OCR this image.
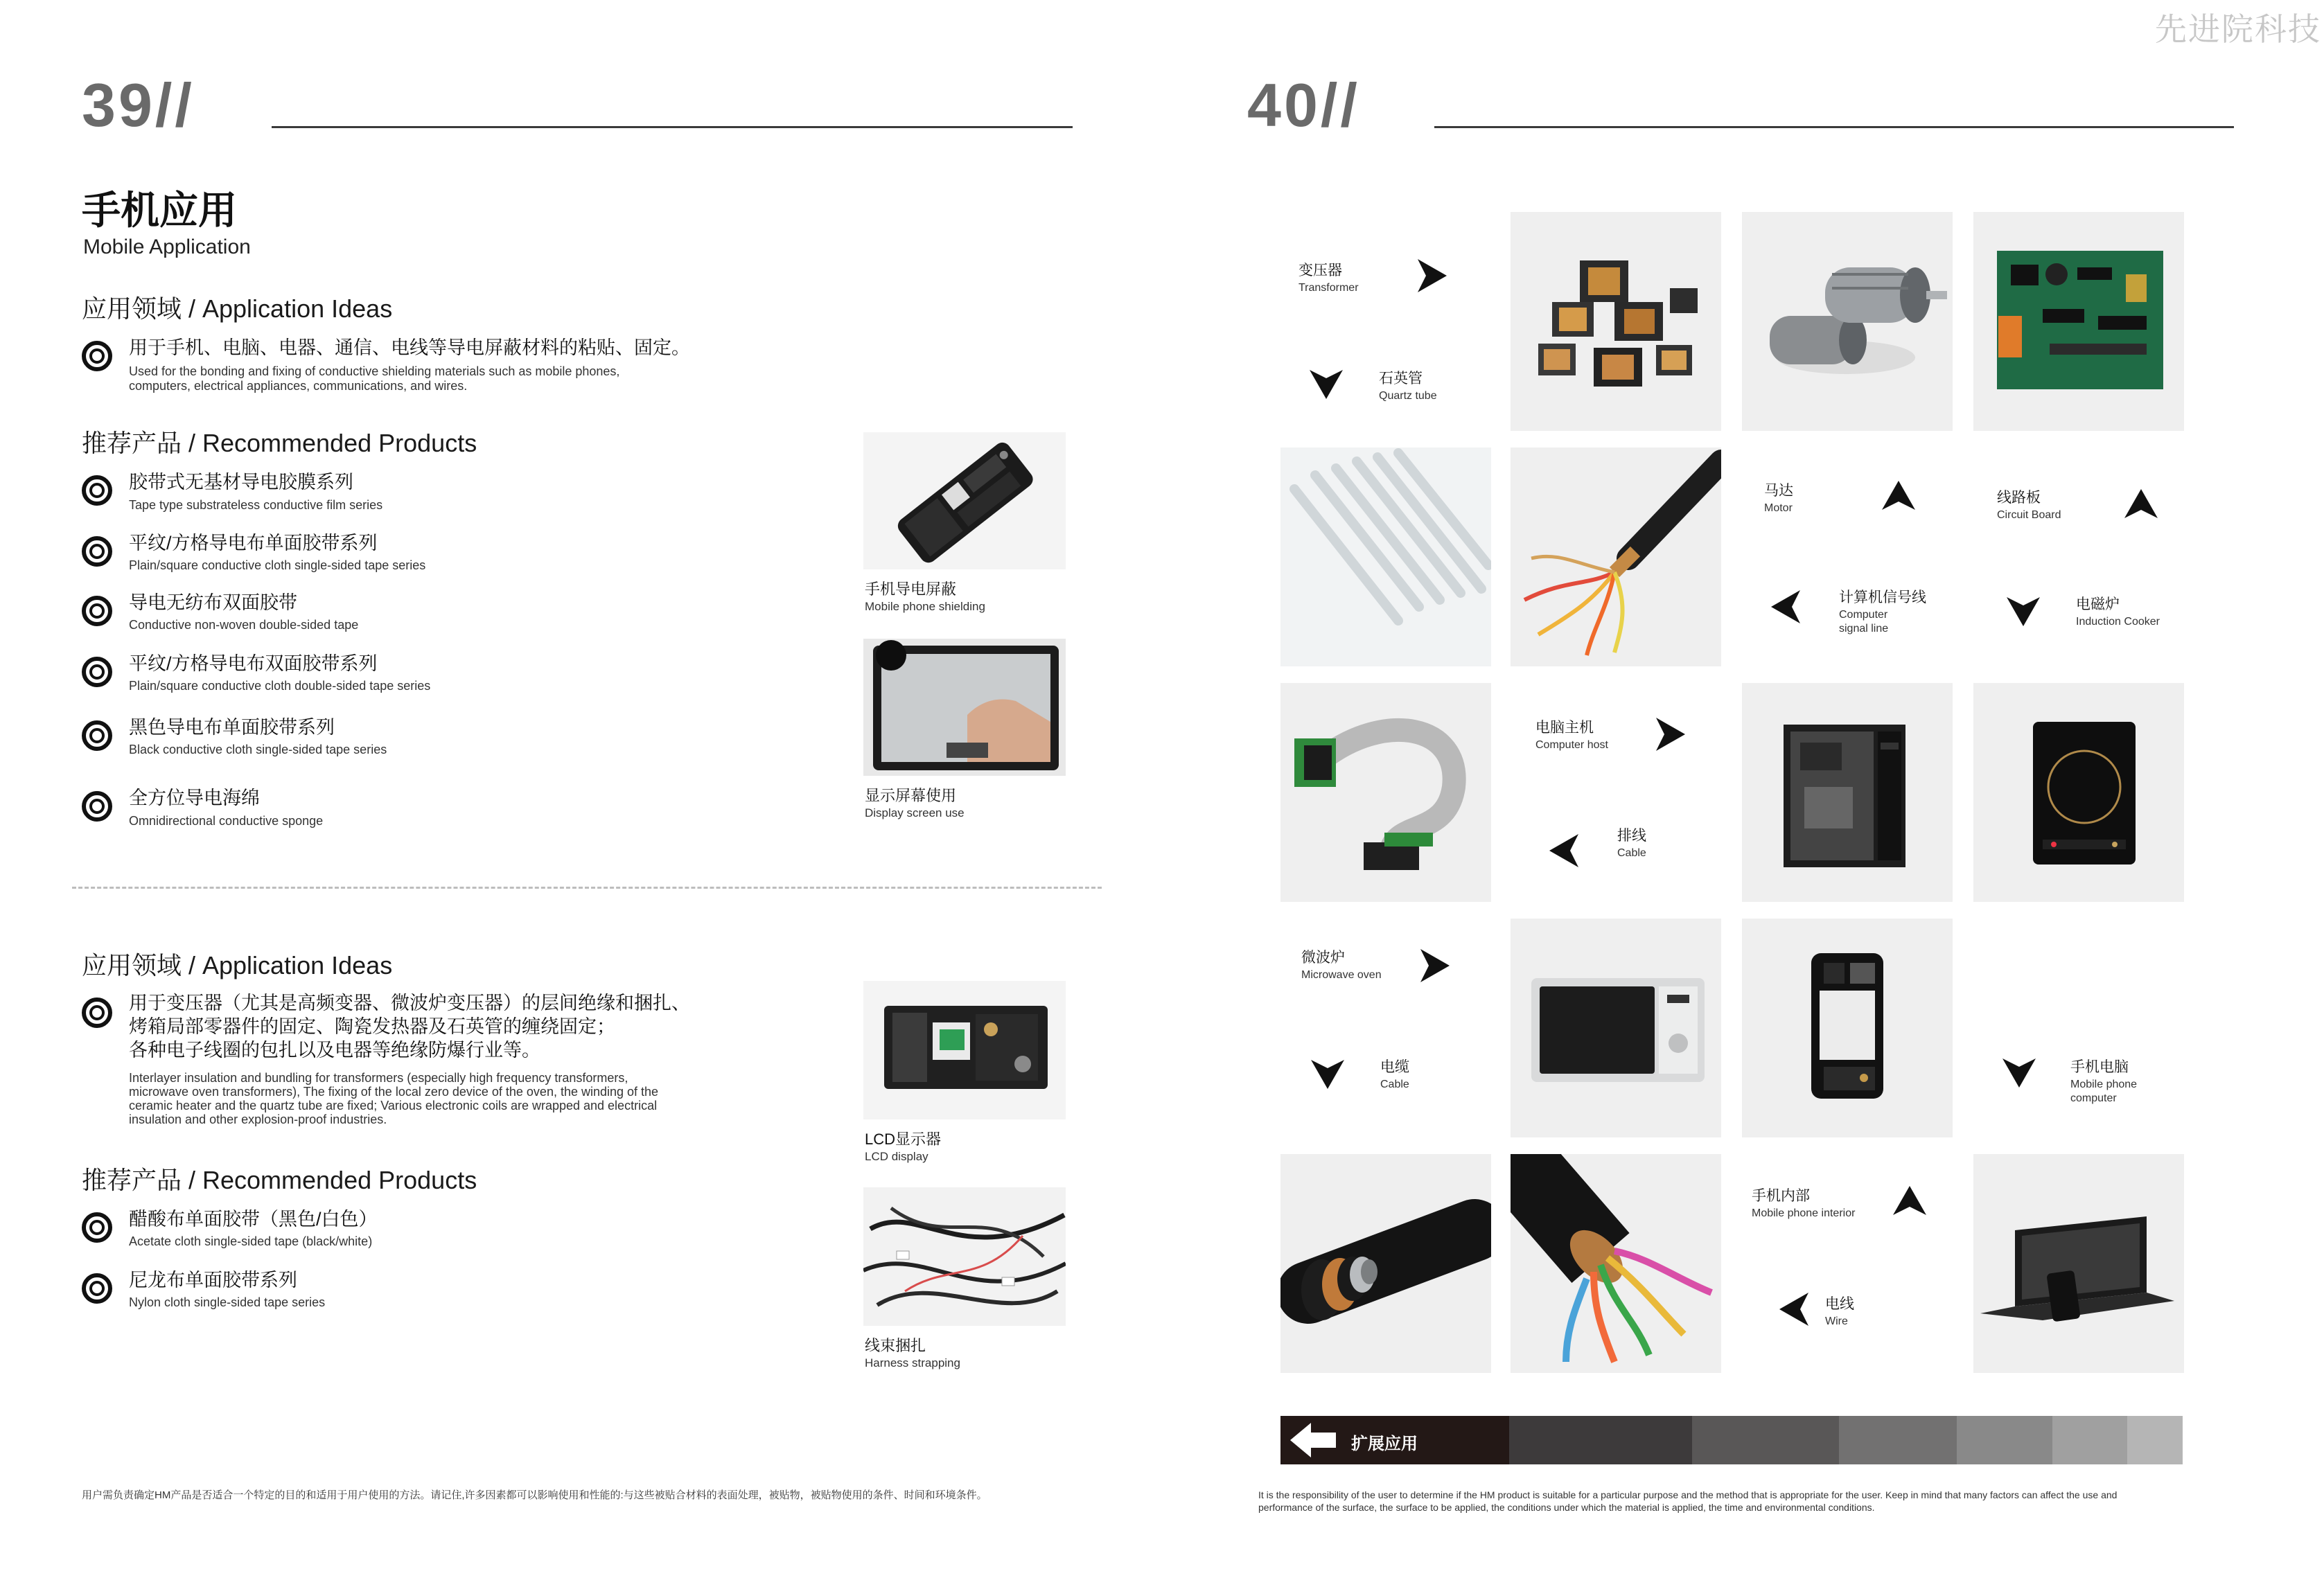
先进院科技
39//
手机应用
Mobile Application
应用领域 / Application Ideas
用于手机、电脑、电器、通信、电线等导电屏蔽材料的粘贴、固定。
Used for the bonding and fixing of conductive shielding materials such as mobile phones,
computers, electrical appliances, communications, and wires.
推荐产品 / Recommended Products
胶带式无基材导电胶膜系列
Tape type substrateless conductive film series
平纹/方格导电布单面胶带系列
Plain/square conductive cloth single-sided tape series
导电无纺布双面胶带
Conductive non-woven double-sided tape
平纹/方格导电布双面胶带系列
Plain/square conductive cloth double-sided tape series
黑色导电布单面胶带系列
Black conductive cloth single-sided tape series
全方位导电海绵
Omnidirectional conductive sponge
手机导电屏蔽
Mobile phone shielding
显示屏幕使用
Display screen use
应用领域 / Application Ideas
用于变压器（尤其是高频变器、微波炉变压器）的层间绝缘和捆扎、
烤箱局部零器件的固定、陶瓷发热器及石英管的缠绕固定；
各种电子线圈的包扎以及电器等绝缘防爆行业等。
Interlayer insulation and bundling for transformers (especially high frequency transformers,
microwave oven transformers), The fixing of the local zero device of the oven, the winding of the
ceramic heater and the quartz tube are fixed; Various electronic coils are wrapped and electrical
insulation and other explosion-proof industries.
推荐产品 / Recommended Products
醋酸布单面胶带（黑色/白色）
Acetate cloth single-sided tape (black/white)
尼龙布单面胶带系列
Nylon cloth single-sided tape series
LCD显示器
LCD display
线束捆扎
Harness strapping
用户需负责确定HM产品是否适合一个特定的目的和适用于用户使用的方法。请记住,许多因素都可以影响使用和性能的:与这些被贴合材料的表面处理，被贴物，被贴物使用的条件、时间和环境条件。
40//
变压器
Transformer
石英管
Quartz tube
马达
Motor
计算机信号线
Computer
signal line
线路板
Circuit Board
电磁炉
Induction Cooker
电脑主机
Computer host
排线
Cable
微波炉
Microwave oven
电缆
Cable
手机电脑
Mobile phone
computer
手机内部
Mobile phone interior
电线
Wire
扩展应用
It is the responsibility of the user to determine if the HM product is suitable for a particular purpose and the method that is appropriate for the user. Keep in mind that many factors can affect the use and
performance of the surface, the surface to be applied, the conditions under which the material is applied, the time and environmental conditions.
